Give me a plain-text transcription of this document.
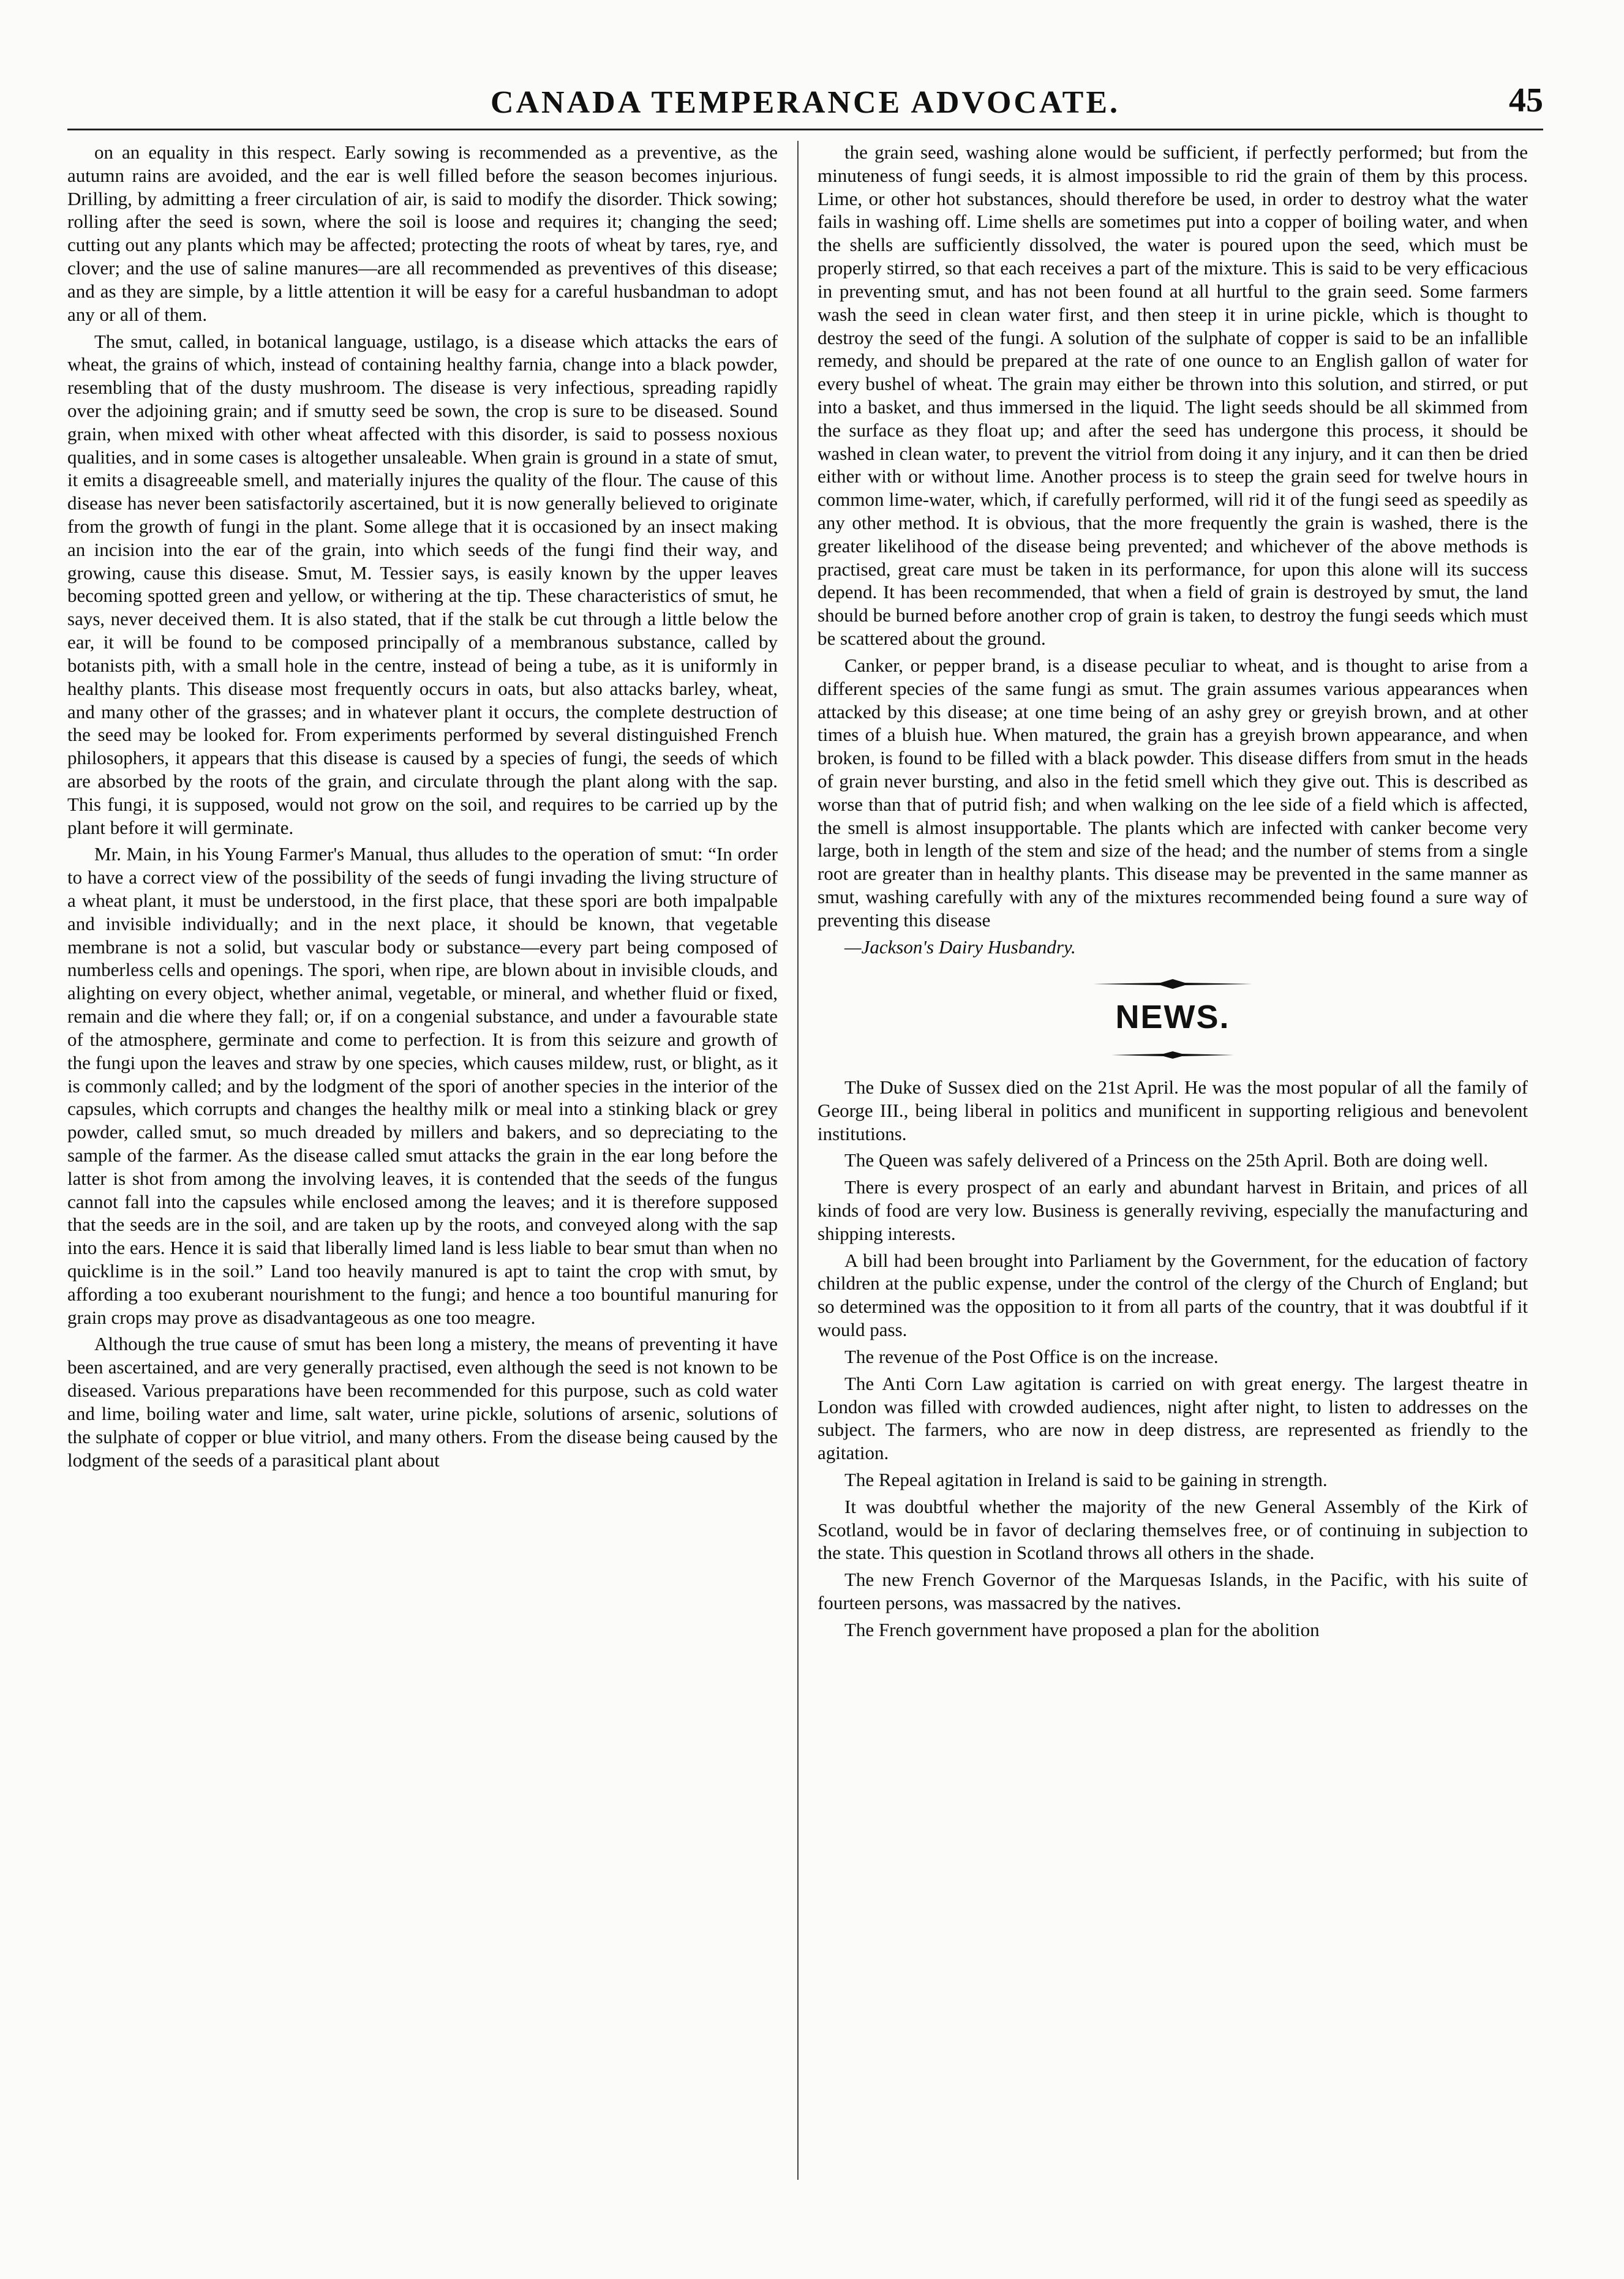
CANADA TEMPERANCE ADVOCATE.	45

on an equality in this respect. Early sowing is recommended as a preventive, as the autumn rains are avoided, and the ear is well filled before the season becomes injurious. Drilling, by admitting a freer circulation of air, is said to modify the disorder. Thick sowing; rolling after the seed is sown, where the soil is loose and requires it; changing the seed; cutting out any plants which may be affected; protecting the roots of wheat by tares, rye, and clover; and the use of saline manures—are all recommended as preventives of this disease; and as they are simple, by a little attention it will be easy for a careful husbandman to adopt any or all of them.

The smut, called, in botanical language, ustilago, is a disease which attacks the ears of wheat, the grains of which, instead of containing healthy farnia, change into a black powder, resembling that of the dusty mushroom. The disease is very infectious, spreading rapidly over the adjoining grain; and if smutty seed be sown, the crop is sure to be diseased. Sound grain, when mixed with other wheat affected with this disorder, is said to possess noxious qualities, and in some cases is altogether unsaleable. When grain is ground in a state of smut, it emits a disagreeable smell, and materially injures the quality of the flour. The cause of this disease has never been satisfactorily ascertained, but it is now generally believed to originate from the growth of fungi in the plant. Some allege that it is occasioned by an insect making an incision into the ear of the grain, into which seeds of the fungi find their way, and growing, cause this disease. Smut, M. Tessier says, is easily known by the upper leaves becoming spotted green and yellow, or withering at the tip. These characteristics of smut, he says, never deceived them. It is also stated, that if the stalk be cut through a little below the ear, it will be found to be composed principally of a membranous substance, called by botanists pith, with a small hole in the centre, instead of being a tube, as it is uniformly in healthy plants. This disease most frequently occurs in oats, but also attacks barley, wheat, and many other of the grasses; and in whatever plant it occurs, the complete destruction of the seed may be looked for. From experiments performed by several distinguished French philosophers, it appears that this disease is caused by a species of fungi, the seeds of which are absorbed by the roots of the grain, and circulate through the plant along with the sap. This fungi, it is supposed, would not grow on the soil, and requires to be carried up by the plant before it will germinate.

Mr. Main, in his Young Farmer's Manual, thus alludes to the operation of smut: “In order to have a correct view of the possibility of the seeds of fungi invading the living structure of a wheat plant, it must be understood, in the first place, that these spori are both impalpable and invisible individually; and in the next place, it should be known, that vegetable membrane is not a solid, but vascular body or substance—every part being composed of numberless cells and openings. The spori, when ripe, are blown about in invisible clouds, and alighting on every object, whether animal, vegetable, or mineral, and whether fluid or fixed, remain and die where they fall; or, if on a congenial substance, and under a favourable state of the atmosphere, germinate and come to perfection. It is from this seizure and growth of the fungi upon the leaves and straw by one species, which causes mildew, rust, or blight, as it is commonly called; and by the lodgment of the spori of another species in the interior of the capsules, which corrupts and changes the healthy milk or meal into a stinking black or grey powder, called smut, so much dreaded by millers and bakers, and so depreciating to the sample of the farmer. As the disease called smut attacks the grain in the ear long before the latter is shot from among the involving leaves, it is contended that the seeds of the fungus cannot fall into the capsules while enclosed among the leaves; and it is therefore supposed that the seeds are in the soil, and are taken up by the roots, and conveyed along with the sap into the ears. Hence it is said that liberally limed land is less liable to bear smut than when no quicklime is in the soil.” Land too heavily manured is apt to taint the crop with smut, by affording a too exuberant nourishment to the fungi; and hence a too bountiful manuring for grain crops may prove as disadvantageous as one too meagre.

Although the true cause of smut has been long a mistery, the means of preventing it have been ascertained, and are very generally practised, even although the seed is not known to be diseased. Various preparations have been recommended for this purpose, such as cold water and lime, boiling water and lime, salt water, urine pickle, solutions of arsenic, solutions of the sulphate of copper or blue vitriol, and many others. From the disease being caused by the lodgment of the seeds of a parasitical plant about

the grain seed, washing alone would be sufficient, if perfectly performed; but from the minuteness of fungi seeds, it is almost impossible to rid the grain of them by this process. Lime, or other hot substances, should therefore be used, in order to destroy what the water fails in washing off. Lime shells are sometimes put into a copper of boiling water, and when the shells are sufficiently dissolved, the water is poured upon the seed, which must be properly stirred, so that each receives a part of the mixture. This is said to be very efficacious in preventing smut, and has not been found at all hurtful to the grain seed. Some farmers wash the seed in clean water first, and then steep it in urine pickle, which is thought to destroy the seed of the fungi. A solution of the sulphate of copper is said to be an infallible remedy, and should be prepared at the rate of one ounce to an English gallon of water for every bushel of wheat. The grain may either be thrown into this solution, and stirred, or put into a basket, and thus immersed in the liquid. The light seeds should be all skimmed from the surface as they float up; and after the seed has undergone this process, it should be washed in clean water, to prevent the vitriol from doing it any injury, and it can then be dried either with or without lime. Another process is to steep the grain seed for twelve hours in common lime-water, which, if carefully performed, will rid it of the fungi seed as speedily as any other method. It is obvious, that the more frequently the grain is washed, there is the greater likelihood of the disease being prevented; and whichever of the above methods is practised, great care must be taken in its performance, for upon this alone will its success depend. It has been recommended, that when a field of grain is destroyed by smut, the land should be burned before another crop of grain is taken, to destroy the fungi seeds which must be scattered about the ground.

Canker, or pepper brand, is a disease peculiar to wheat, and is thought to arise from a different species of the same fungi as smut. The grain assumes various appearances when attacked by this disease; at one time being of an ashy grey or greyish brown, and at other times of a bluish hue. When matured, the grain has a greyish brown appearance, and when broken, is found to be filled with a black powder. This disease differs from smut in the heads of grain never bursting, and also in the fetid smell which they give out. This is described as worse than that of putrid fish; and when walking on the lee side of a field which is affected, the smell is almost insupportable. The plants which are infected with canker become very large, both in length of the stem and size of the head; and the number of stems from a single root are greater than in healthy plants. This disease may be prevented in the same manner as smut, washing carefully with any of the mixtures recommended being found a sure way of preventing this disease

—Jackson's Dairy Husbandry.

NEWS.

The Duke of Sussex died on the 21st April. He was the most popular of all the family of George III., being liberal in politics and munificent in supporting religious and benevolent institutions.

The Queen was safely delivered of a Princess on the 25th April. Both are doing well.

There is every prospect of an early and abundant harvest in Britain, and prices of all kinds of food are very low. Business is generally reviving, especially the manufacturing and shipping interests.

A bill had been brought into Parliament by the Government, for the education of factory children at the public expense, under the control of the clergy of the Church of England; but so determined was the opposition to it from all parts of the country, that it was doubtful if it would pass.

The revenue of the Post Office is on the increase.

The Anti Corn Law agitation is carried on with great energy. The largest theatre in London was filled with crowded audiences, night after night, to listen to addresses on the subject. The farmers, who are now in deep distress, are represented as friendly to the agitation.

The Repeal agitation in Ireland is said to be gaining in strength.

It was doubtful whether the majority of the new General Assembly of the Kirk of Scotland, would be in favor of declaring themselves free, or of continuing in subjection to the state. This question in Scotland throws all others in the shade.

The new French Governor of the Marquesas Islands, in the Pacific, with his suite of fourteen persons, was massacred by the natives.

The French government have proposed a plan for the abolition
